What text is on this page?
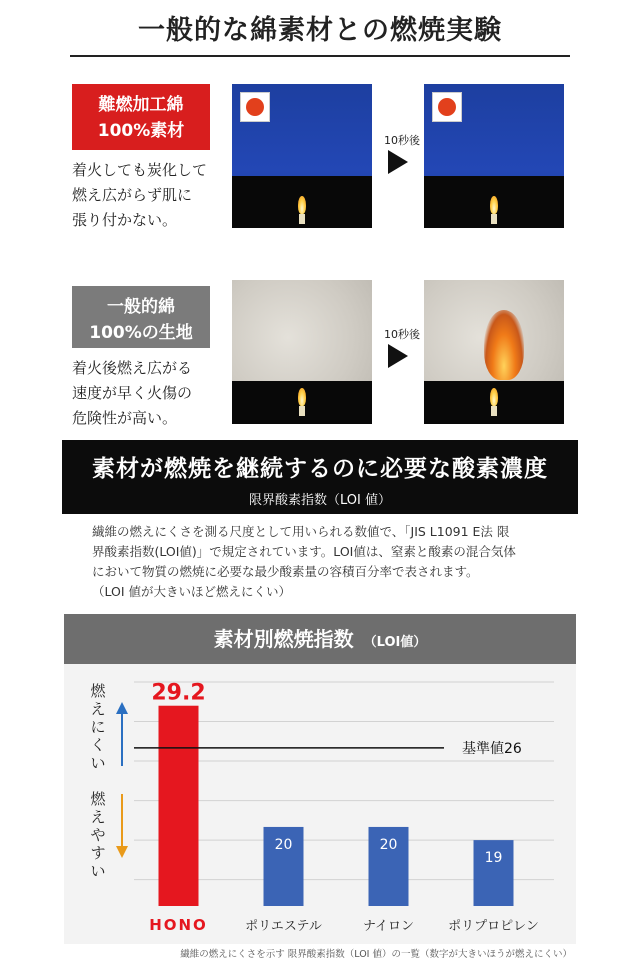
一般的な綿素材との燃焼実験
難燃加工綿
100%素材
着火しても炭化して
燃え広がらず肌に
張り付かない。
10秒後
一般的綿
100%の生地
着火後燃え広がる
速度が早く火傷の
危険性が高い。
10秒後
素材が燃焼を継続するのに必要な酸素濃度
限界酸素指数（LOI 値）
繊維の燃えにくさを測る尺度として用いられる数値で、「JIS L1091 E法 限
界酸素指数(LOI値)」で規定されています。LOI値は、窒素と酸素の混合気体
において物質の燃焼に必要な最少酸素量の容積百分率で表されます。
（LOI 値が大きいほど燃えにくい）
素材別燃焼指数 （LOI値）
29.2
HONO
20
ポリエステル
20
ナイロン
19
ポリプロピレン
基準値26
燃
え
に
く
い
燃
え
や
す
い
繊維の燃えにくさを示す 限界酸素指数（LOI 値）の一覧（数字が大きいほうが燃えにくい）
